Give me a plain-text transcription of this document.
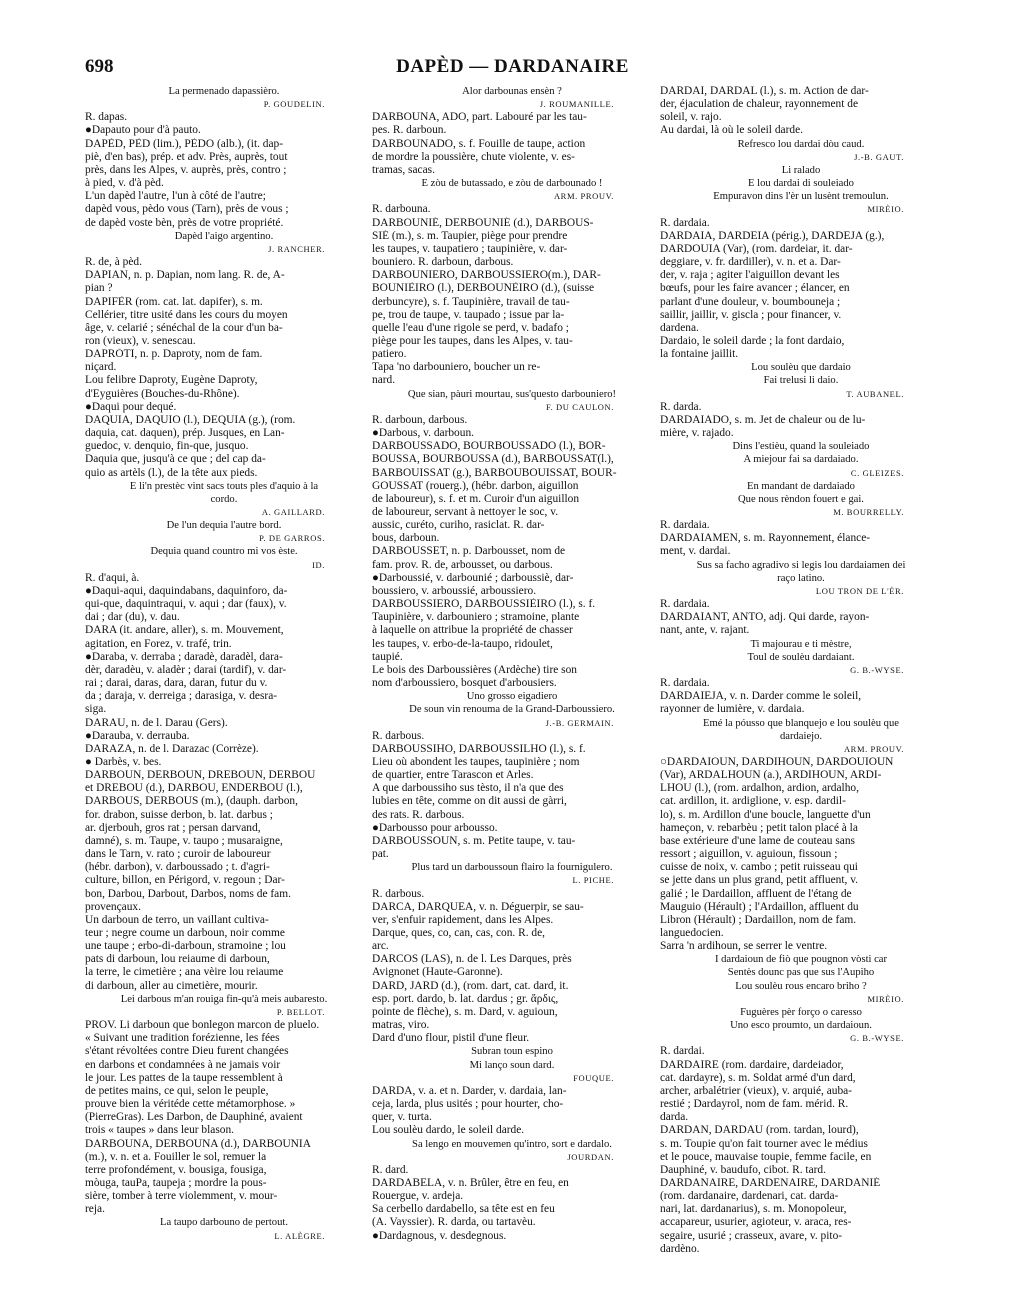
698	DAPÈD — DARDANAIRE
La permenado dapassièro.
P. GOUDELIN.
R. dapas.
●Dapauto pour d'à pauto.
DAPÈD, PÈD (lim.), PÈDO (alb.), (it. dap-
piè, d'en bas), prép. et adv. Près, auprès, tout
près, dans les Alpes, v. auprès, près, contro ;
à pied, v. d'à pèd.
L'un dapèd l'autre, l'un à côté de l'autre;
dapèd vous, pèdo vous (Tarn), près de vous ;
de dapèd voste bèn, près de votre propriété.
Dapèd l'aigo argentino.
J. RANCHER.
R. de, à pèd.
DAPIAN, n. p. Dapian, nom lang. R. de, A-
pian ?
DAPIFÈR (rom. cat. lat. dapifer), s. m.
Cellérier, titre usité dans les cours du moyen
âge, v. celarié ; sénéchal de la cour d'un ba-
ron (vieux), v. senescau.
DAPRÒTI, n. p. Daproty, nom de fam.
niçard.
Lou felibre Daproty, Eugène Daproty,
d'Eyguières (Bouches-du-Rhône).
●Daqui pour dequé.
DAQUIA, DAQUIO (l.), DEQUIA (g.), (rom.
daquia, cat. daquen), prép. Jusques, en Lan-
guedoc, v. denquio, fin-que, jusquo.
Daquia que, jusqu'à ce que ; del cap da-
quio as artèls (l.), de la tête aux pieds.
E li'n prestèc vint sacs touts ples d'aquio à la
cordo.
A. GAILLARD.
De l'un dequia l'autre bord.
P. DE GARROS.
Dequia quand countro mi vos èste.
ID.
R. d'aqui, à.
●Daqui-aqui, daquindabans, daquinforo, da-
qui-que, daquintraqui, v. aqui ; dar (faux), v.
dai ; dar (du), v. dau.
DARA (it. andare, aller), s. m. Mouvement,
agitation, en Forez, v. trafé, trin.
●Daraba, v. derraba ; daradè, daradèl, dara-
dèr, daradèu, v. aladèr ; darai (tardif), v. dar-
rai ; darai, daras, dara, daran, futur du v.
da ; daraja, v. derreiga ; darasiga, v. desra-
siga.
DARAU, n. de l. Darau (Gers).
●Darauba, v. derrauba.
DARAZA, n. de l. Darazac (Corrèze).
● Darbès, v. bes.
DARBOUN, DERBOUN, DREBOUN, DERBOU
et DREBOU (d.), DARBOU, ENDERBOU (l.),
DARBOUS, DERBOUS (m.), (dauph. darbon,
for. drabon, suisse derbon, b. lat. darbus ;
ar. djerbouh, gros rat ; persan darvand,
damné), s. m. Taupe, v. taupo ; musaraigne,
dans le Tarn, v. rato ; curoir de laboureur
(hébr. darbon), v. darboussado ; t. d'agri-
culture, billon, en Périgord, v. regoun ; Dar-
bon, Darbou, Darbout, Darbos, noms de fam.
provençaux.
Un darboun de terro, un vaillant cultiva-
teur ; negre coume un darboun, noir comme
une taupe ; erbo-di-darboun, stramoine ; lou
pats di darboun, lou reiaume di darboun,
la terre, le cimetière ; ana vèire lou reiaume
di darboun, aller au cimetière, mourir.
Lei darbous m'an rouiga fin-qu'à meis aubaresto.
P. BELLOT.
PROV. Li darboun que bonlegon marcon de pluelo.
« Suivant une tradition forézienne, les fées
s'étant révoltées contre Dieu furent changées
en darbons et condamnées à ne jamais voir
le jour. Les pattes de la taupe ressemblent à
de petites mains, ce qui, selon le peuple,
prouve bien la véritéde cette métamorphose. »
(PierreGras). Les Darbon, de Dauphiné, avaient
trois « taupes » dans leur blason.
DARBOUNA, DERBOUNA (d.), DARBOUNIA
(m.), v. n. et a. Fouiller le sol, remuer la
terre profondément, v. bousiga, fousiga,
mòuga, tauPa, taupeja ; mordre la pous-
sière, tomber à terre violemment, v. mour-
reja.
La taupo darbouno de pertout.
L. ALÈGRE.
Alor darbounas ensèn ?
J. ROUMANILLE.
DARBOUNA, ADO, part. Labouré par les tau-
pes. R. darboun.
DARBOUNADO, s. f. Fouille de taupe, action
de mordre la poussière, chute violente, v. es-
tramas, sacas.
E zòu de butassado, e zòu de darbounado !
ARM. PROUV.
R. darbouna.
DARBOUNIÉ, DERBOUNIÉ (d.), DARBOUS-
SIÉ (m.), s. m. Taupier, piège pour prendre
les taupes, v. taupatiero ; taupinière, v. dar-
bouniero. R. darboun, darbous.
DARBOUNIERO, DARBOUSSIERO(m.), DAR-
BOUNIÈIRO (l.), DERBOUNÈIRO (d.), (suisse
derbuncyre), s. f. Taupinière, travail de tau-
pe, trou de taupe, v. taupado ; issue par la-
quelle l'eau d'une rigole se perd, v. badafo ;
piège pour les taupes, dans les Alpes, v. tau-
patiero.
Tapa 'no darbouniero, boucher un re-
nard.
Que sian, pàuri mourtau, sus'questo darbouniero!
F. DU CAULON.
R. darboun, darbous.
●Darbous, v. darboun.
DARBOUSSADO, BOURBOUSSADO (l.), BOR-
BOUSSA, BOURBOUSSA (d.), BARBOUSSAT(l.),
BARBOUISSAT (g.), BARBOUBOUISSAT, BOUR-
GOUSSAT (rouerg.), (hébr. darbon, aiguillon
de laboureur), s. f. et m. Curoir d'un aiguillon
de laboureur, servant à nettoyer le soc, v.
aussic, curéto, curiho, rasiclat. R. dar-
bous, darboun.
DARBOUSSET, n. p. Darbousset, nom de
fam. prov. R. de, arbousset, ou darbous.
●Darboussié, v. darbounié ; darboussiè, dar-
boussiero, v. arboussié, arboussiero.
DARBOUSSIERO, DARBOUSSIÈIRO (l.), s. f.
Taupinière, v. darbouniero ; stramoine, plante
à laquelle on attribue la propriété de chasser
les taupes, v. erbo-de-la-taupo, ridoulet,
taupié.
Le bois des Darboussières (Ardèche) tire son
nom d'arboussiero, bosquet d'arbousiers.
Uno grosso eigadiero
De soun vin renouma de la Grand-Darboussiero.
J.-B. GERMAIN.
R. darbous.
DARBOUSSIHO, DARBOUSSILHO (l.), s. f.
Lieu où abondent les taupes, taupinière ; nom
de quartier, entre Tarascon et Arles.
A que darboussiho sus tèsto, il n'a que des
lubies en tête, comme on dit aussi de gàrri,
des rats. R. darbous.
●Darbousso pour arbousso.
DARBOUSSOUN, s. m. Petite taupe, v. tau-
pat.
Plus tard un darboussoun flairo la fournigulero.
L. PICHE.
R. darbous.
DARCA, DARQUEA, v. n. Déguerpir, se sau-
ver, s'enfuir rapidement, dans les Alpes.
Darque, ques, co, can, cas, con. R. de,
arc.
DARCOS (LAS), n. de l. Les Darques, près
Avignonet (Haute-Garonne).
DARD, JARD (d.), (rom. dart, cat. dard, it.
esp. port. dardo, b. lat. dardus ; gr. ἄρδις,
pointe de flèche), s. m. Dard, v. aguioun,
matras, viro.
Dard d'uno flour, pistil d'une fleur.
Subran toun espino
Mi lanço soun dard.
FOUQUE.
DARDA, v. a. et n. Darder, v. dardaia, lan-
ceja, larda, plus usités ; pour hourter, cho-
quer, v. turta.
Lou soulèu dardo, le soleil darde.
Sa lengo en mouvemen qu'intro, sort e dardalo.
JOURDAN.
R. dard.
DARDABELA, v. n. Brûler, être en feu, en
Rouergue, v. ardeja.
Sa cerbello dardabello, sa tête est en feu
(A. Vayssier). R. darda, ou tartavèu.
●Dardagnous, v. desdegnous.
DARDAI, DARDAL (l.), s. m. Action de dar-
der, éjaculation de chaleur, rayonnement de
soleil, v. rajo.
Au dardai, là où le soleil darde.
Refresco lou dardai dòu caud.
J.-B. GAUT.
Li ralado
E lou dardai di souleiado
Empuravon dins l'èr un lusènt tremoulun.
MIRÈIO.
R. dardaia.
DARDAIA, DARDEIA (périg.), DARDEJA (g.),
DARDOUIA (Var), (rom. dardeiar, it. dar-
deggiare, v. fr. dardiller), v. n. et a. Dar-
der, v. raja ; agiter l'aiguillon devant les
bœufs, pour les faire avancer ; élancer, en
parlant d'une douleur, v. boumbouneja ;
saillir, jaillir, v. giscla ; pour financer, v.
dardena.
Dardaio, le soleil darde ; la font dardaio,
la fontaine jaillit.
Lou soulèu que dardaio
Fai trelusi li daio.
T. AUBANEL.
R. darda.
DARDAIADO, s. m. Jet de chaleur ou de lu-
mière, v. rajado.
Dins l'estièu, quand la souleiado
A miejour fai sa dardaiado.
C. GLEIZES.
En mandant de dardaiado
Que nous rèndon fouert e gai.
M. BOURRELLY.
R. dardaia.
DARDAIAMEN, s. m. Rayonnement, élance-
ment, v. dardai.
Sus sa facho agradivo si legis lou dardaiamen dei
raço latino.
LOU TRON DE L'ÈR.
R. dardaia.
DARDAIANT, ANTO, adj. Qui darde, rayon-
nant, ante, v. rajant.
Ti majourau e ti mèstre,
Toul de soulèu dardaiant.
G. B.-WYSE.
R. dardaia.
DARDAIEJA, v. n. Darder comme le soleil,
rayonner de lumière, v. dardaia.
Emé la póusso que blanquejo e lou soulèu que
dardaiejo.
ARM. PROUV.
○DARDAIOUN, DARDIHOUN, DARDOUIOUN
(Var), ARDALHOUN (a.), ARDIHOUN, ARDI-
LHOU (l.), (rom. ardalhon, ardion, ardalho,
cat. ardillon, it. ardiglione, v. esp. dardil-
lo), s. m. Ardillon d'une boucle, languette d'un
hameçon, v. rebarbèu ; petit talon placé à la
base extérieure d'une lame de couteau sans
ressort ; aiguillon, v. aguioun, fissoun ;
cuisse de noix, v. cambo ; petit ruisseau qui
se jette dans un plus grand, petit affluent, v.
galié ; le Dardaillon, affluent de l'étang de
Mauguio (Hérault) ; l'Ardaillon, affluent du
Libron (Hérault) ; Dardaillon, nom de fam.
languedocien.
Sarra 'n ardihoun, se serrer le ventre.
I dardaioun de fiò que pougnon vòsti car
Sentès dounc pas que sus l'Aupiho
Lou soulèu rous encaro briho ?
MIRÈIO.
Fuguères pèr forço o caresso
Uno esco proumto, un dardaioun.
G. B.-WYSE.
R. dardai.
DARDAIRE (rom. dardaire, dardeiador,
cat. dardayre), s. m. Soldat armé d'un dard,
archer, arbalétrier (vieux), v. arquié, auba-
restié ; Dardayrol, nom de fam. mérid. R.
darda.
DARDAN, DARDAU (rom. tardan, lourd),
s. m. Toupie qu'on fait tourner avec le médius
et le pouce, mauvaise toupie, femme facile, en
Dauphiné, v. baudufo, cibot. R. tard.
DARDANAIRE, DARDENAIRE, DARDANIÉ
(rom. dardanaire, dardenari, cat. darda-
nari, lat. dardanarius), s. m. Monopoleur,
accapareur, usurier, agioteur, v. araca, res-
segaire, usurié ; crasseux, avare, v. pito-
dardèno.
